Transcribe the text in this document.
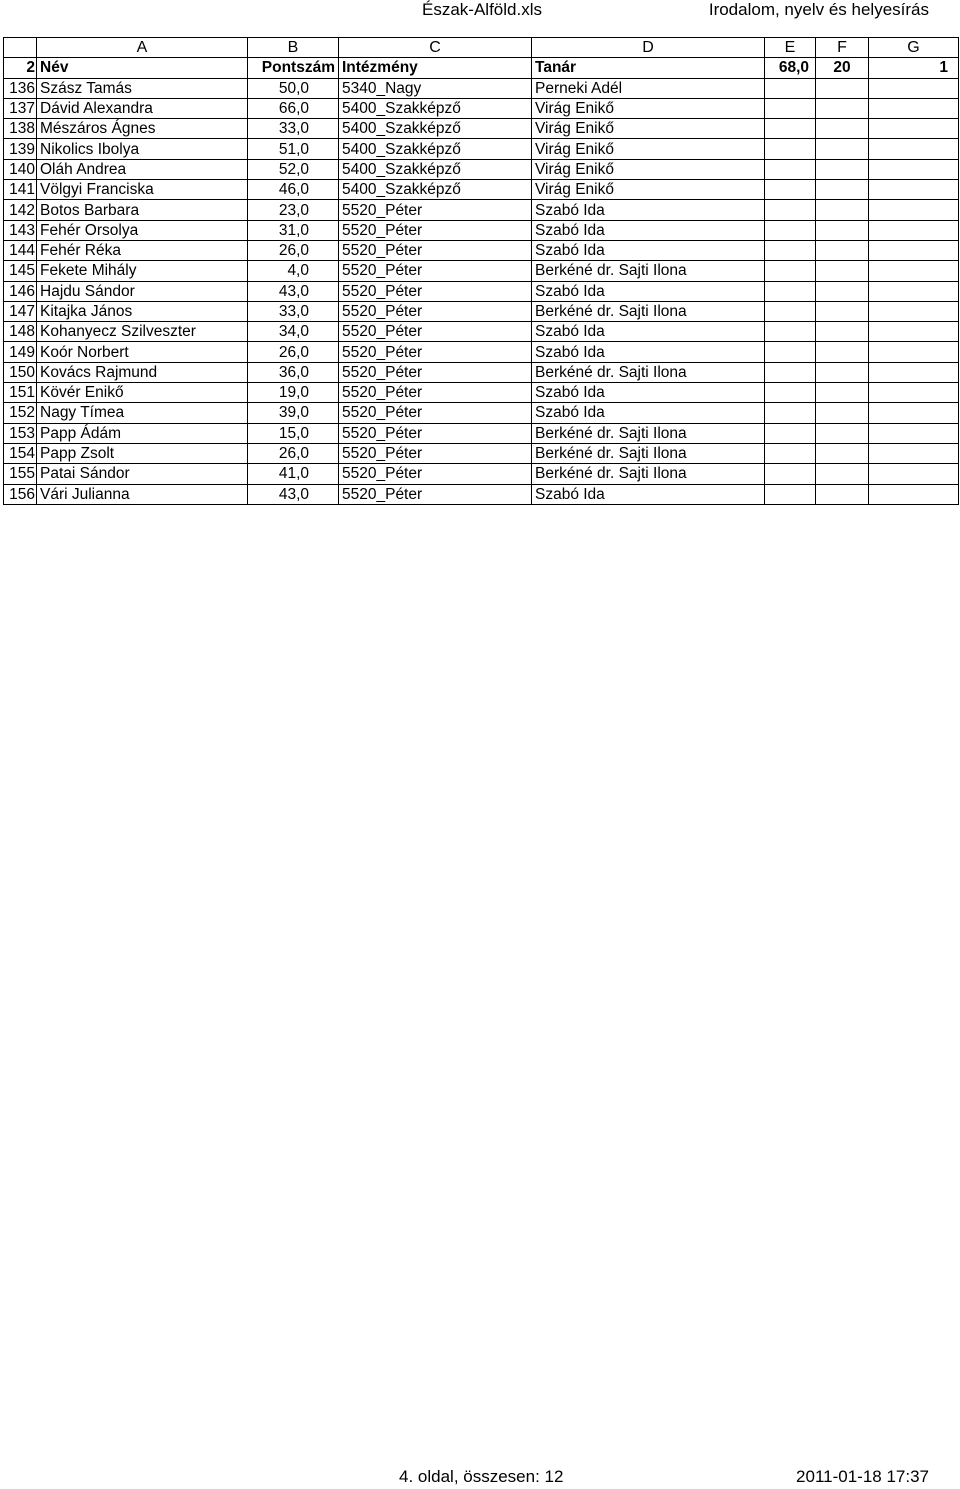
Észak-Alföld.xls	Irodalom, nyelv és helyesírás
	A	B	C	D	E	F	G
2	Név	Pontszám	Intézmény	Tanár	68,0	20	1
136	Szász Tamás	50,0	5340_Nagy	Perneki Adél			
137	Dávid Alexandra	66,0	5400_Szakképző	Virág Enikő			
138	Mészáros Ágnes	33,0	5400_Szakképző	Virág Enikő			
139	Nikolics Ibolya	51,0	5400_Szakképző	Virág Enikő			
140	Oláh Andrea	52,0	5400_Szakképző	Virág Enikő			
141	Völgyi Franciska	46,0	5400_Szakképző	Virág Enikő			
142	Botos Barbara	23,0	5520_Péter	Szabó Ida			
143	Fehér Orsolya	31,0	5520_Péter	Szabó Ida			
144	Fehér Réka	26,0	5520_Péter	Szabó Ida			
145	Fekete Mihály	4,0	5520_Péter	Berkéné dr. Sajti Ilona			
146	Hajdu Sándor	43,0	5520_Péter	Szabó Ida			
147	Kitajka János	33,0	5520_Péter	Berkéné dr. Sajti Ilona			
148	Kohanyecz Szilveszter	34,0	5520_Péter	Szabó Ida			
149	Koór Norbert	26,0	5520_Péter	Szabó Ida			
150	Kovács Rajmund	36,0	5520_Péter	Berkéné dr. Sajti Ilona			
151	Kövér Enikő	19,0	5520_Péter	Szabó Ida			
152	Nagy Tímea	39,0	5520_Péter	Szabó Ida			
153	Papp Ádám	15,0	5520_Péter	Berkéné dr. Sajti Ilona			
154	Papp Zsolt	26,0	5520_Péter	Berkéné dr. Sajti Ilona			
155	Patai Sándor	41,0	5520_Péter	Berkéné dr. Sajti Ilona			
156	Vári Julianna	43,0	5520_Péter	Szabó Ida			
4. oldal, összesen: 12	2011-01-18 17:37
